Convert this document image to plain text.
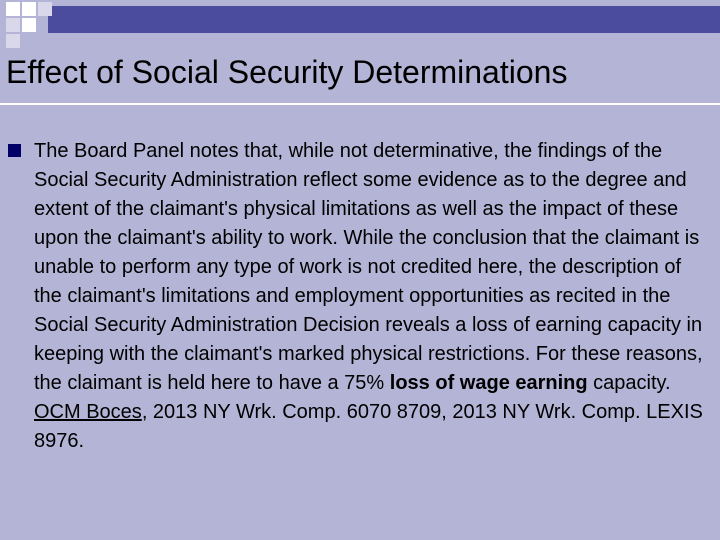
Effect of Social Security Determinations

The Board Panel notes that, while not determinative, the findings of the Social Security Administration reflect some evidence as to the degree and extent of the claimant's physical limitations as well as the impact of these upon the claimant's ability to work. While the conclusion that the claimant is unable to perform any type of work is not credited here, the description of the claimant's limitations and employment opportunities as recited in the Social Security Administration Decision reveals a loss of earning capacity in keeping with the claimant's marked physical restrictions. For these reasons, the claimant is held here to have a 75% loss of wage earning capacity. OCM Boces, 2013 NY Wrk. Comp. 6070 8709, 2013 NY Wrk. Comp. LEXIS 8976.
